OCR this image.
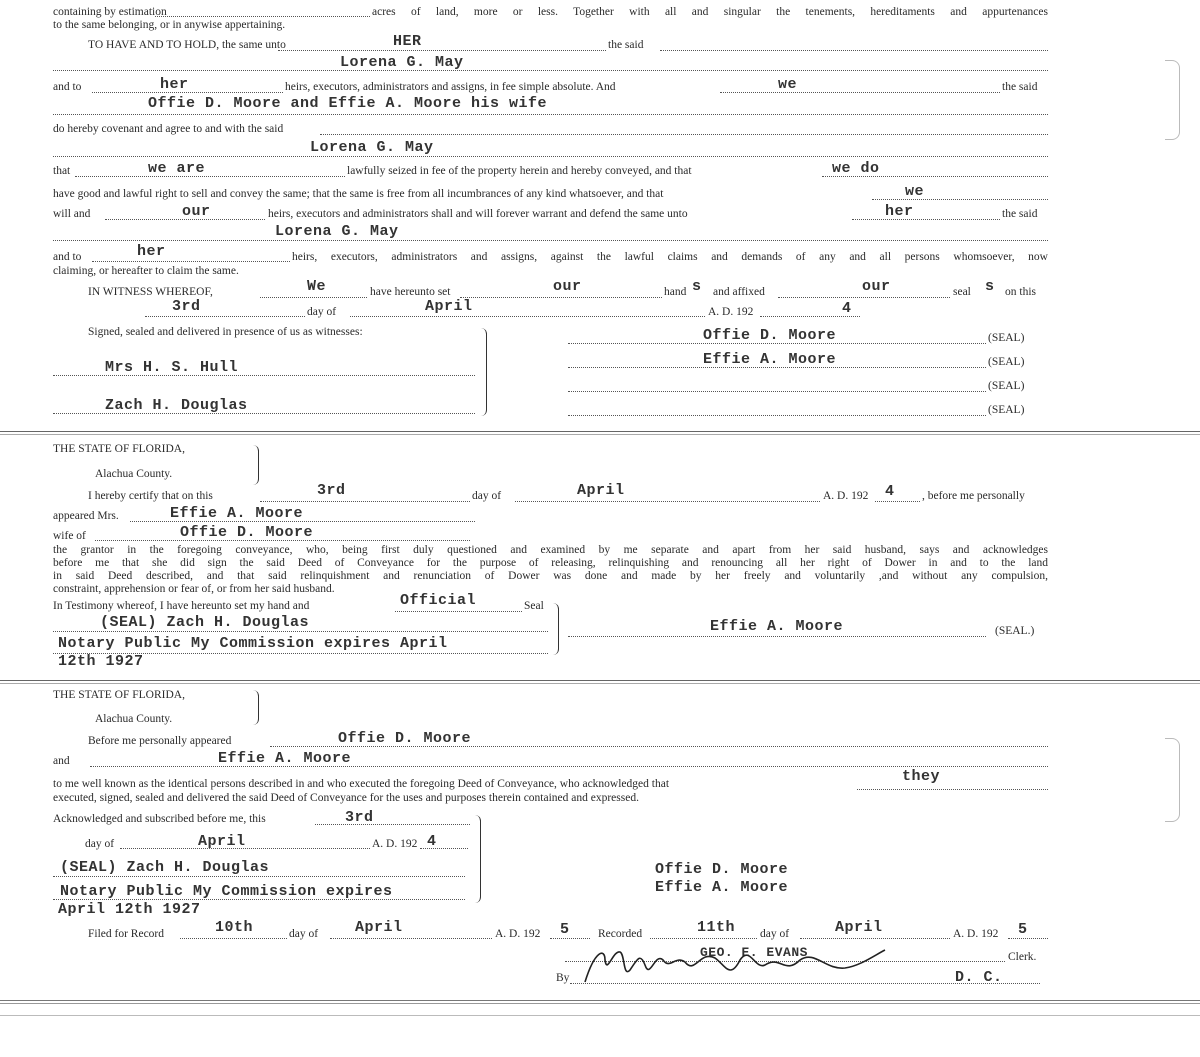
containing by estimation	acres of land, more or less. Together with all and singular the tenements, hereditaments and appurtenances
to the same belonging, or in anywise appertaining.
TO HAVE AND TO HOLD, the same unto	HER	the said
Lorena G. May
and to	her	heirs, executors, administrators and assigns, in fee simple absolute. And	we	the said
Offie D. Moore and Effie A. Moore his wife
do hereby covenant and agree to and with the said
Lorena G. May
that	we are	lawfully seized in fee of the property herein and hereby conveyed, and that	we do
have good and lawful right to sell and convey the same; that the same is free from all incumbrances of any kind whatsoever, and that	we
will and	our	heirs, executors and administrators shall and will forever warrant and defend the same unto	her	the said
Lorena G. May
and to	her	heirs, executors, administrators and assigns, against the lawful claims and demands of any and all persons whomsoever, now
claiming, or hereafter to claim the same.
IN WITNESS WHEREOF,	We	have hereunto set	our	hand s and affixed	our	seal s on this
3rd	day of	April	A. D. 192	4
Signed, sealed and delivered in presence of us as witnesses:
Mrs H. S. Hull
Zach H. Douglas
Offie D. Moore	(SEAL)
Effie A. Moore	(SEAL)
(SEAL)
(SEAL)
THE STATE OF FLORIDA,
Alachua County.
I hereby certify that on this	3rd	day of	April	A. D. 192 4 , before me personally
appeared Mrs.	Effie A. Moore
wife of	Offie D. Moore
the grantor in the foregoing conveyance, who, being first duly questioned and examined by me separate and apart from her said husband, says and acknowledges
before me that she did sign the said Deed of Conveyance for the purpose of releasing, relinquishing and renouncing all her right of Dower in and to the land
in said Deed described, and that said relinquishment and renunciation of Dower was done and made by her freely and voluntarily ,and without any compulsion,
constraint, apprehension or fear of, or from her said husband.
In Testimony whereof, I have hereunto set my hand and	Official	Seal
(SEAL) Zach H. Douglas
Notary Public My Commission expires April
12th 1927
Effie A. Moore	(SEAL.)
THE STATE OF FLORIDA,
Alachua County.
Before me personally appeared	Offie D. Moore
and	Effie A. Moore
to me well known as the identical persons described in and who executed the foregoing Deed of Conveyance, who acknowledged that	they
executed, signed, sealed and delivered the said Deed of Conveyance for the uses and purposes therein contained and expressed.
Acknowledged and subscribed before me, this	3rd
day of	April	A. D. 192 4
(SEAL) Zach H. Douglas
Notary Public My Commission expires
April 12th 1927
Offie D. Moore
Effie A. Moore
Filed for Record	10th	day of April	A. D. 192 5 Recorded	11th day of	April	A. D. 192 5
GEO. E. EVANS	Clerk.
By	D. C.
